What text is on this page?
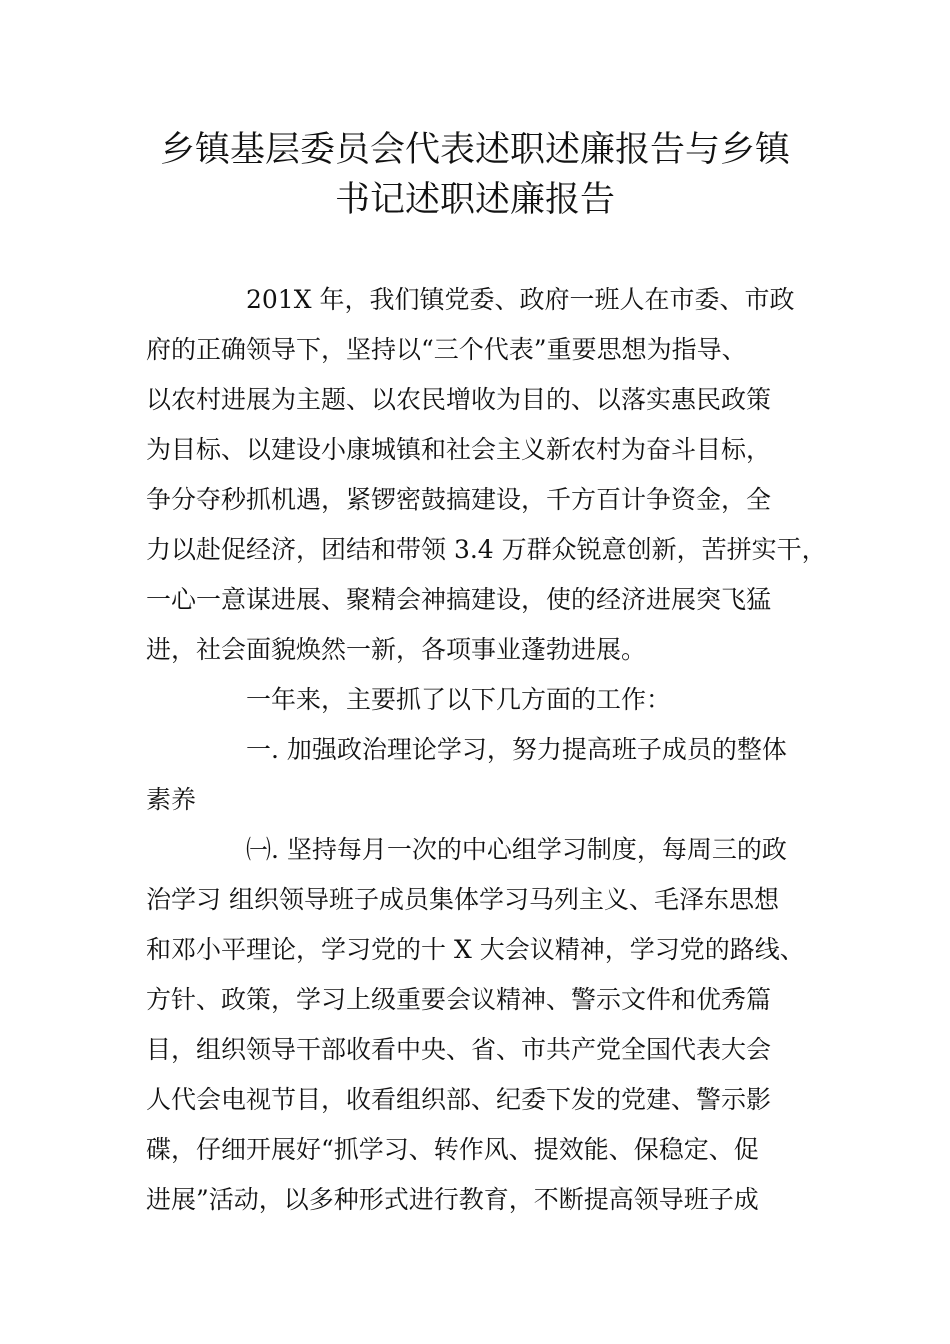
乡镇基层委员会代表述职述廉报告与乡镇
书记述职述廉报告
201X 年，我们镇党委、政府一班人在市委、市政
府的正确领导下，坚持以“三个代表”重要思想为指导、
以农村进展为主题、以农民增收为目的、以落实惠民政策
为目标、以建设小康城镇和社会主义新农村为奋斗目标，
争分夺秒抓机遇，紧锣密鼓搞建设，千方百计争资金，全
力以赴促经济，团结和带领 3.4 万群众锐意创新，苦拼实干，
一心一意谋进展、聚精会神搞建设，使的经济进展突飞猛
进，社会面貌焕然一新，各项事业蓬勃进展。
一年来，主要抓了以下几方面的工作：
一. 加强政治理论学习，努力提高班子成员的整体
素养
㈠. 坚持每月一次的中心组学习制度，每周三的政
治学习 组织领导班子成员集体学习马列主义、毛泽东思想
和邓小平理论，学习党的十 X 大会议精神，学习党的路线、
方针、政策，学习上级重要会议精神、警示文件和优秀篇
目，组织领导干部收看中央、省、市共产党全国代表大会
人代会电视节目，收看组织部、纪委下发的党建、警示影
碟，仔细开展好“抓学习、转作风、提效能、保稳定、促
进展”活动，以多种形式进行教育，不断提高领导班子成
